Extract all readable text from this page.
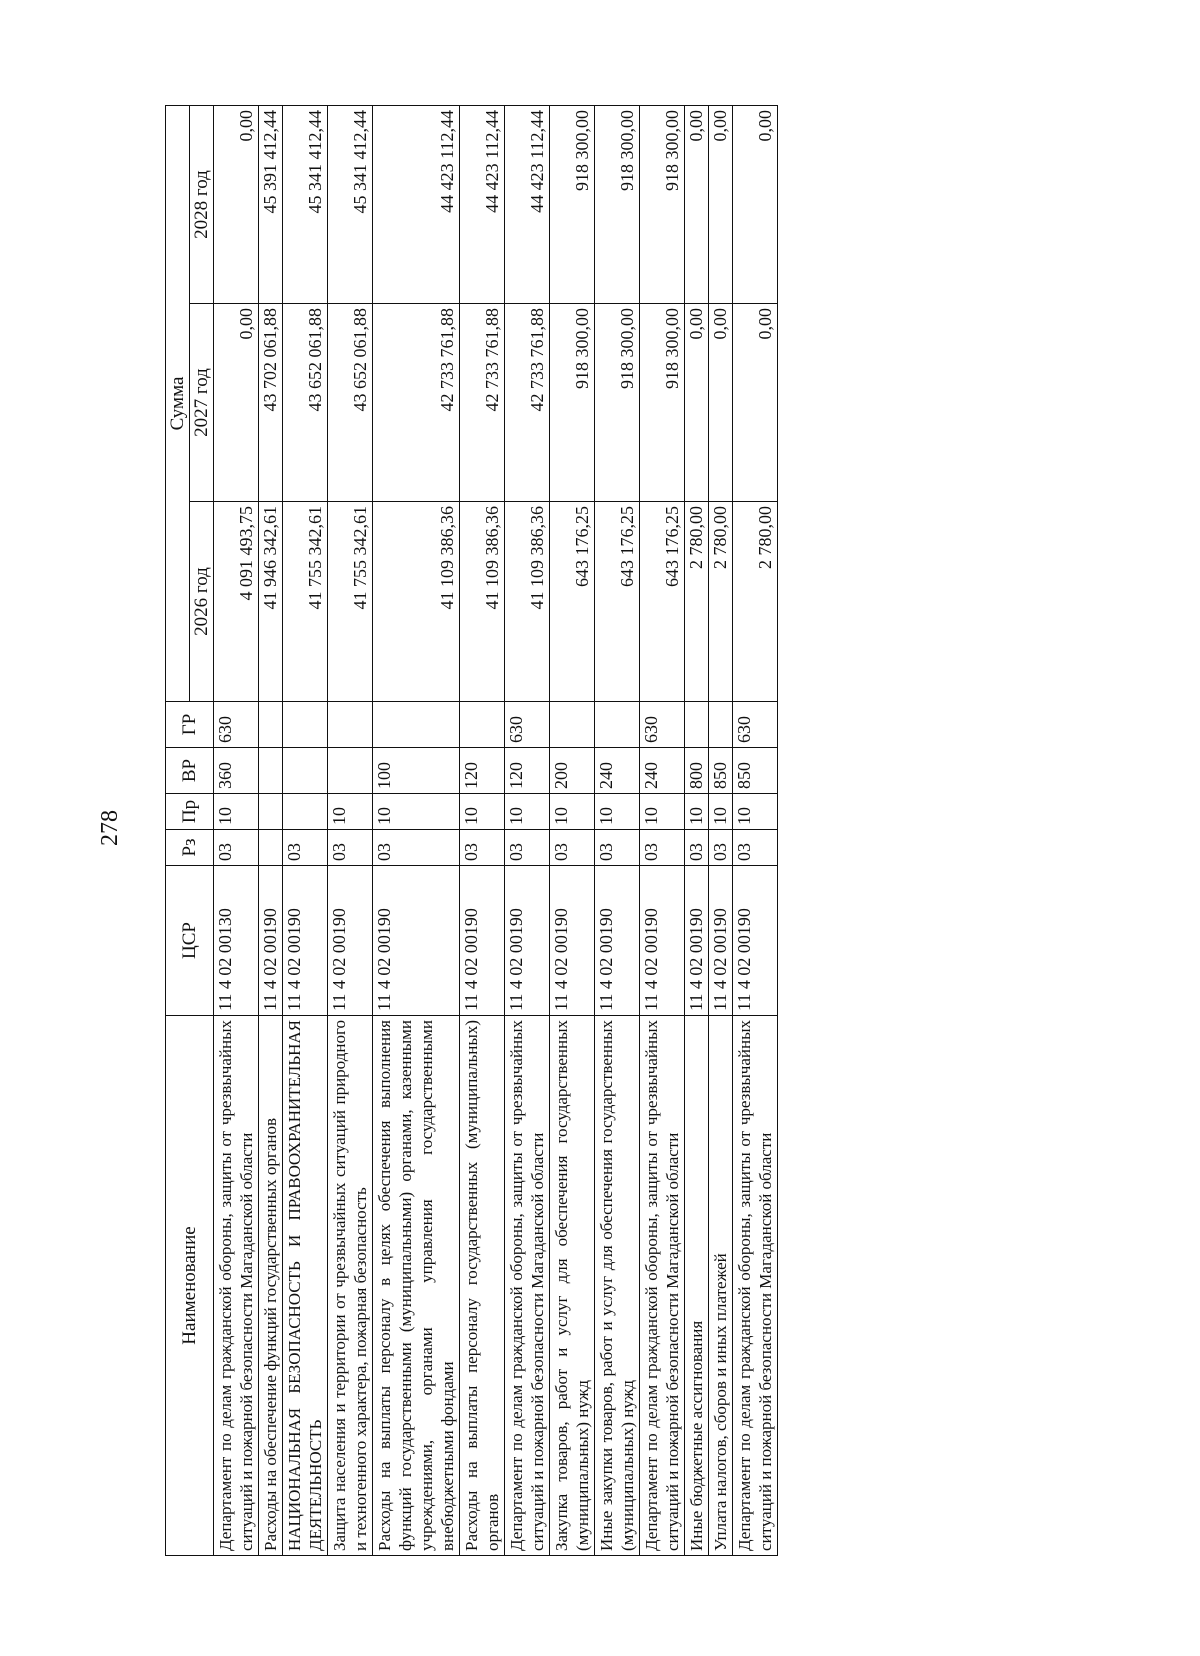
278
Наименование	ЦСР	Рз	Пр	ВР	ГР	Сумма		
						2026 год	2027 год	2028 год
Департамент по делам гражданской обороны, защиты от чрезвычайных ситуаций и пожарной безопасности Магаданской области	11 4 02 00130	03	10	360	630	4 091 493,75	0,00	0,00
Расходы на обеспечение функций государственных органов	11 4 02 00190					41 946 342,61	43 702 061,88	45 391 412,44
НАЦИОНАЛЬНАЯ БЕЗОПАСНОСТЬ И ПРАВООХРАНИТЕЛЬНАЯ ДЕЯТЕЛЬНОСТЬ	11 4 02 00190	03				41 755 342,61	43 652 061,88	45 341 412,44
Защита населения и территории от чрезвычайных ситуаций природного и техногенного характера, пожарная безопасность	11 4 02 00190	03	10			41 755 342,61	43 652 061,88	45 341 412,44
Расходы на выплаты персоналу в целях обеспечения выполнения функций государственными (муниципальными) органами, казенными учреждениями, органами управления государственными внебюджетными фондами	11 4 02 00190	03	10	100		41 109 386,36	42 733 761,88	44 423 112,44
Расходы на выплаты персоналу государственных (муниципальных) органов	11 4 02 00190	03	10	120		41 109 386,36	42 733 761,88	44 423 112,44
Департамент по делам гражданской обороны, защиты от чрезвычайных ситуаций и пожарной безопасности Магаданской области	11 4 02 00190	03	10	120	630	41 109 386,36	42 733 761,88	44 423 112,44
Закупка товаров, работ и услуг для обеспечения государственных (муниципальных) нужд	11 4 02 00190	03	10	200		643 176,25	918 300,00	918 300,00
Иные закупки товаров, работ и услуг для обеспечения государственных (муниципальных) нужд	11 4 02 00190	03	10	240		643 176,25	918 300,00	918 300,00
Департамент по делам гражданской обороны, защиты от чрезвычайных ситуаций и пожарной безопасности Магаданской области	11 4 02 00190	03	10	240	630	643 176,25	918 300,00	918 300,00
Иные бюджетные ассигнования	11 4 02 00190	03	10	800		2 780,00	0,00	0,00
Уплата налогов, сборов и иных платежей	11 4 02 00190	03	10	850		2 780,00	0,00	0,00
Департамент по делам гражданской обороны, защиты от чрезвычайных ситуаций и пожарной безопасности Магаданской области	11 4 02 00190	03	10	850	630	2 780,00	0,00	0,00
